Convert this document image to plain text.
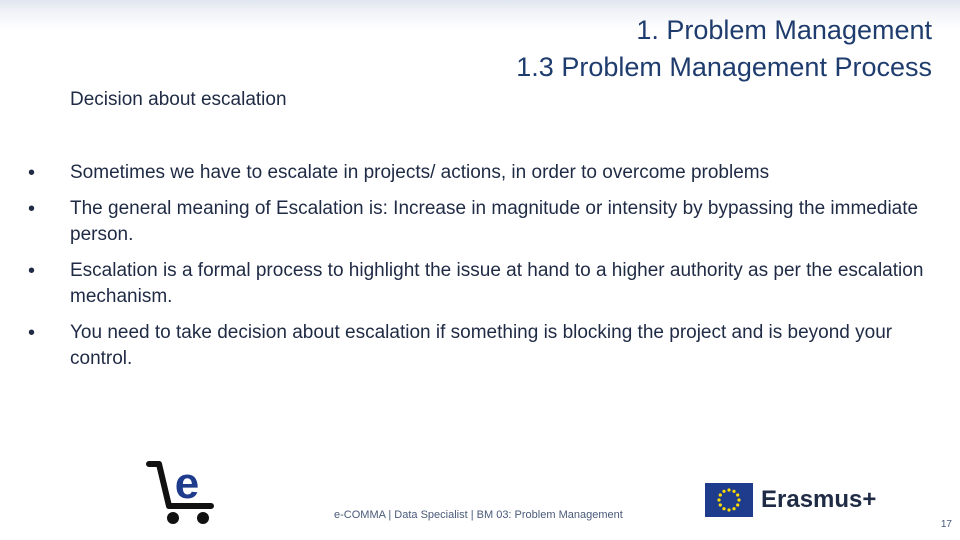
1. Problem Management
1.3 Problem Management Process
Decision about escalation
• Sometimes we have to escalate in projects/ actions, in order to overcome problems
• The general meaning of Escalation is: Increase in magnitude or intensity by bypassing the immediate person.
• Escalation is a formal process to highlight the issue at hand to a higher authority as per the escalation mechanism.
• You need to take decision about escalation if something is blocking the project and is beyond your control.
e
e-COMMA | Data Specialist | BM 03: Problem Management
Erasmus+
17
